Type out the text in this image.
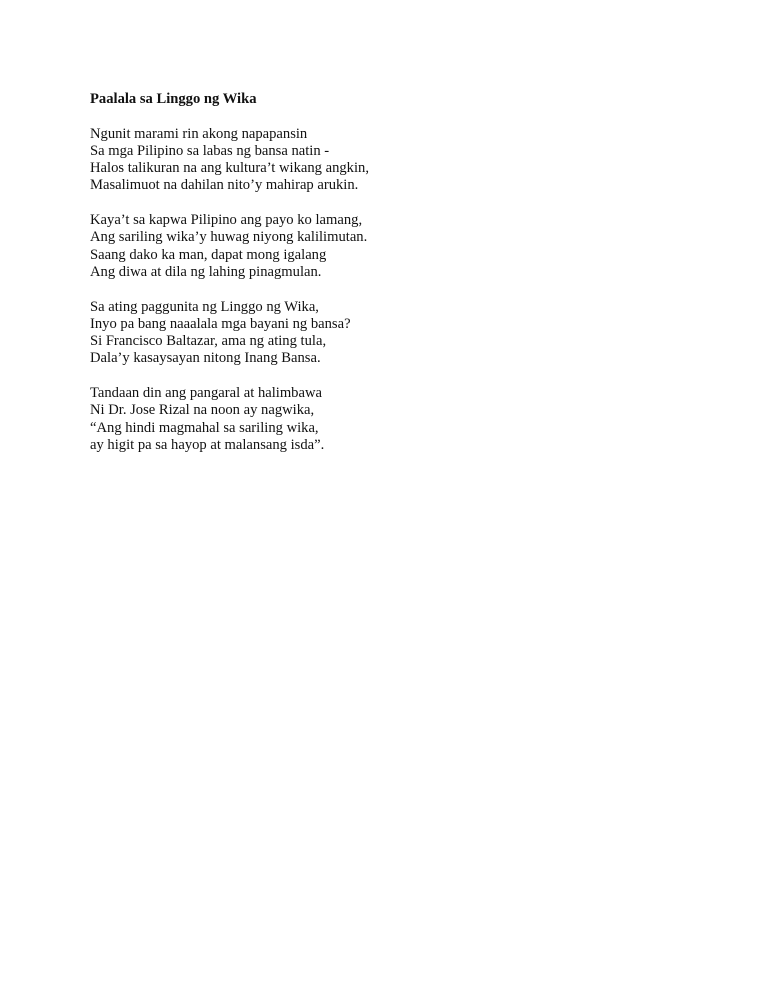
Paalala sa Linggo ng Wika
Ngunit marami rin akong napapansin
Sa mga Pilipino sa labas ng bansa natin -
Halos talikuran na ang kultura’t wikang angkin,
Masalimuot na dahilan nito’y mahirap arukin.
Kaya’t sa kapwa Pilipino ang payo ko lamang,
Ang sariling wika’y huwag niyong kalilimutan.
Saang dako ka man, dapat mong igalang
Ang diwa at dila ng lahing pinagmulan.
Sa ating paggunita ng Linggo ng Wika,
Inyo pa bang naaalala mga bayani ng bansa?
Si Francisco Baltazar, ama ng ating tula,
Dala’y kasaysayan nitong Inang Bansa.
Tandaan din ang pangaral at halimbawa
Ni Dr. Jose Rizal na noon ay nagwika,
“Ang hindi magmahal sa sariling wika,
ay higit pa sa hayop at malansang isda”.
